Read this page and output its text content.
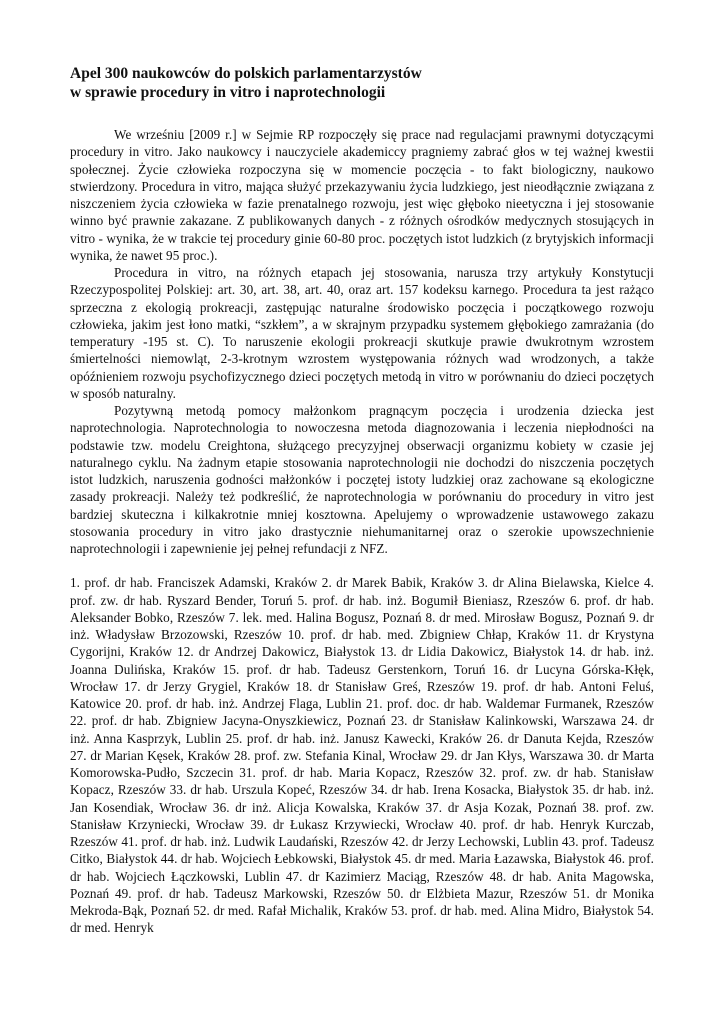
Apel 300 naukowców do polskich parlamentarzystów
w sprawie procedury in vitro i naprotechnologii

We wrześniu [2009 r.] w Sejmie RP rozpoczęły się prace nad regulacjami prawnymi dotyczącymi procedury in vitro. Jako naukowcy i nauczyciele akademiccy pragniemy zabrać głos w tej ważnej kwestii społecznej. Życie człowieka rozpoczyna się w momencie poczęcia - to fakt biologiczny, naukowo stwierdzony. Procedura in vitro, mająca służyć przekazywaniu życia ludzkiego, jest nieodłącznie związana z niszczeniem życia człowieka w fazie prenatalnego rozwoju, jest więc głęboko nieetyczna i jej stosowanie winno być prawnie zakazane. Z publikowanych danych - z różnych ośrodków medycznych stosujących in vitro - wynika, że w trakcie tej procedury ginie 60-80 proc. poczętych istot ludzkich (z brytyjskich informacji wynika, że nawet 95 proc.).

Procedura in vitro, na różnych etapach jej stosowania, narusza trzy artykuły Konstytucji Rzeczypospolitej Polskiej: art. 30, art. 38, art. 40, oraz art. 157 kodeksu karnego. Procedura ta jest rażąco sprzeczna z ekologią prokreacji, zastępując naturalne środowisko poczęcia i początkowego rozwoju człowieka, jakim jest łono matki, “szkłem”, a w skrajnym przypadku systemem głębokiego zamrażania (do temperatury -195 st. C). To naruszenie ekologii prokreacji skutkuje prawie dwukrotnym wzrostem śmiertelności niemowląt, 2-3-krotnym wzrostem występowania różnych wad wrodzonych, a także opóźnieniem rozwoju psychofizycznego dzieci poczętych metodą in vitro w porównaniu do dzieci poczętych w sposób naturalny.

Pozytywną metodą pomocy małżonkom pragnącym poczęcia i urodzenia dziecka jest naprotechnologia. Naprotechnologia to nowoczesna metoda diagnozowania i leczenia niepłodności na podstawie tzw. modelu Creightona, służącego precyzyjnej obserwacji organizmu kobiety w czasie jej naturalnego cyklu. Na żadnym etapie stosowania naprotechnologii nie dochodzi do niszczenia poczętych istot ludzkich, naruszenia godności małżonków i poczętej istoty ludzkiej oraz zachowane są ekologiczne zasady prokreacji. Należy też podkreślić, że naprotechnologia w porównaniu do procedury in vitro jest bardziej skuteczna i kilkakrotnie mniej kosztowna. Apelujemy o wprowadzenie ustawowego zakazu stosowania procedury in vitro jako drastycznie niehumanitarnej oraz o szerokie upowszechnienie naprotechnologii i zapewnienie jej pełnej refundacji z NFZ.

1. prof. dr hab. Franciszek Adamski, Kraków 2. dr Marek Babik, Kraków 3. dr Alina Bielawska, Kielce 4. prof. zw. dr hab. Ryszard Bender, Toruń 5. prof. dr hab. inż. Bogumił Bieniasz, Rzeszów 6. prof. dr hab. Aleksander Bobko, Rzeszów 7. lek. med. Halina Bogusz, Poznań 8. dr med. Mirosław Bogusz, Poznań 9. dr inż. Władysław Brzozowski, Rzeszów 10. prof. dr hab. med. Zbigniew Chłap, Kraków 11. dr Krystyna Cygorijni, Kraków 12. dr Andrzej Dakowicz, Białystok 13. dr Lidia Dakowicz, Białystok 14. dr hab. inż. Joanna Dulińska, Kraków 15. prof. dr hab. Tadeusz Gerstenkorn, Toruń 16. dr Lucyna Górska-Kłęk, Wrocław 17. dr Jerzy Grygiel, Kraków 18. dr Stanisław Greś, Rzeszów 19. prof. dr hab. Antoni Feluś, Katowice 20. prof. dr hab. inż. Andrzej Flaga, Lublin 21. prof. doc. dr hab. Waldemar Furmanek, Rzeszów 22. prof. dr hab. Zbigniew Jacyna-Onyszkiewicz, Poznań 23. dr Stanisław Kalinkowski, Warszawa 24. dr inż. Anna Kasprzyk, Lublin 25. prof. dr hab. inż. Janusz Kawecki, Kraków 26. dr Danuta Kejda, Rzeszów 27. dr Marian Kęsek, Kraków 28. prof. zw. Stefania Kinal, Wrocław 29. dr Jan Kłys, Warszawa 30. dr Marta Komorowska-Pudło, Szczecin 31. prof. dr hab. Maria Kopacz, Rzeszów 32. prof. zw. dr hab. Stanisław Kopacz, Rzeszów 33. dr hab. Urszula Kopeć, Rzeszów 34. dr hab. Irena Kosacka, Białystok 35. dr hab. inż. Jan Kosendiak, Wrocław 36. dr inż. Alicja Kowalska, Kraków 37. dr Asja Kozak, Poznań 38. prof. zw. Stanisław Krzyniecki, Wrocław 39. dr Łukasz Krzywiecki, Wrocław 40. prof. dr hab. Henryk Kurczab, Rzeszów 41. prof. dr hab. inż. Ludwik Laudański, Rzeszów 42. dr Jerzy Lechowski, Lublin 43. prof. Tadeusz Citko, Białystok 44. dr hab. Wojciech Łebkowski, Białystok 45. dr med. Maria Łazawska, Białystok 46. prof. dr hab. Wojciech Łączkowski, Lublin 47. dr Kazimierz Maciąg, Rzeszów 48. dr hab. Anita Magowska, Poznań 49. prof. dr hab. Tadeusz Markowski, Rzeszów 50. dr Elżbieta Mazur, Rzeszów 51. dr Monika Mekroda-Bąk, Poznań 52. dr med. Rafał Michalik, Kraków 53. prof. dr hab. med. Alina Midro, Białystok 54. dr med. Henryk
